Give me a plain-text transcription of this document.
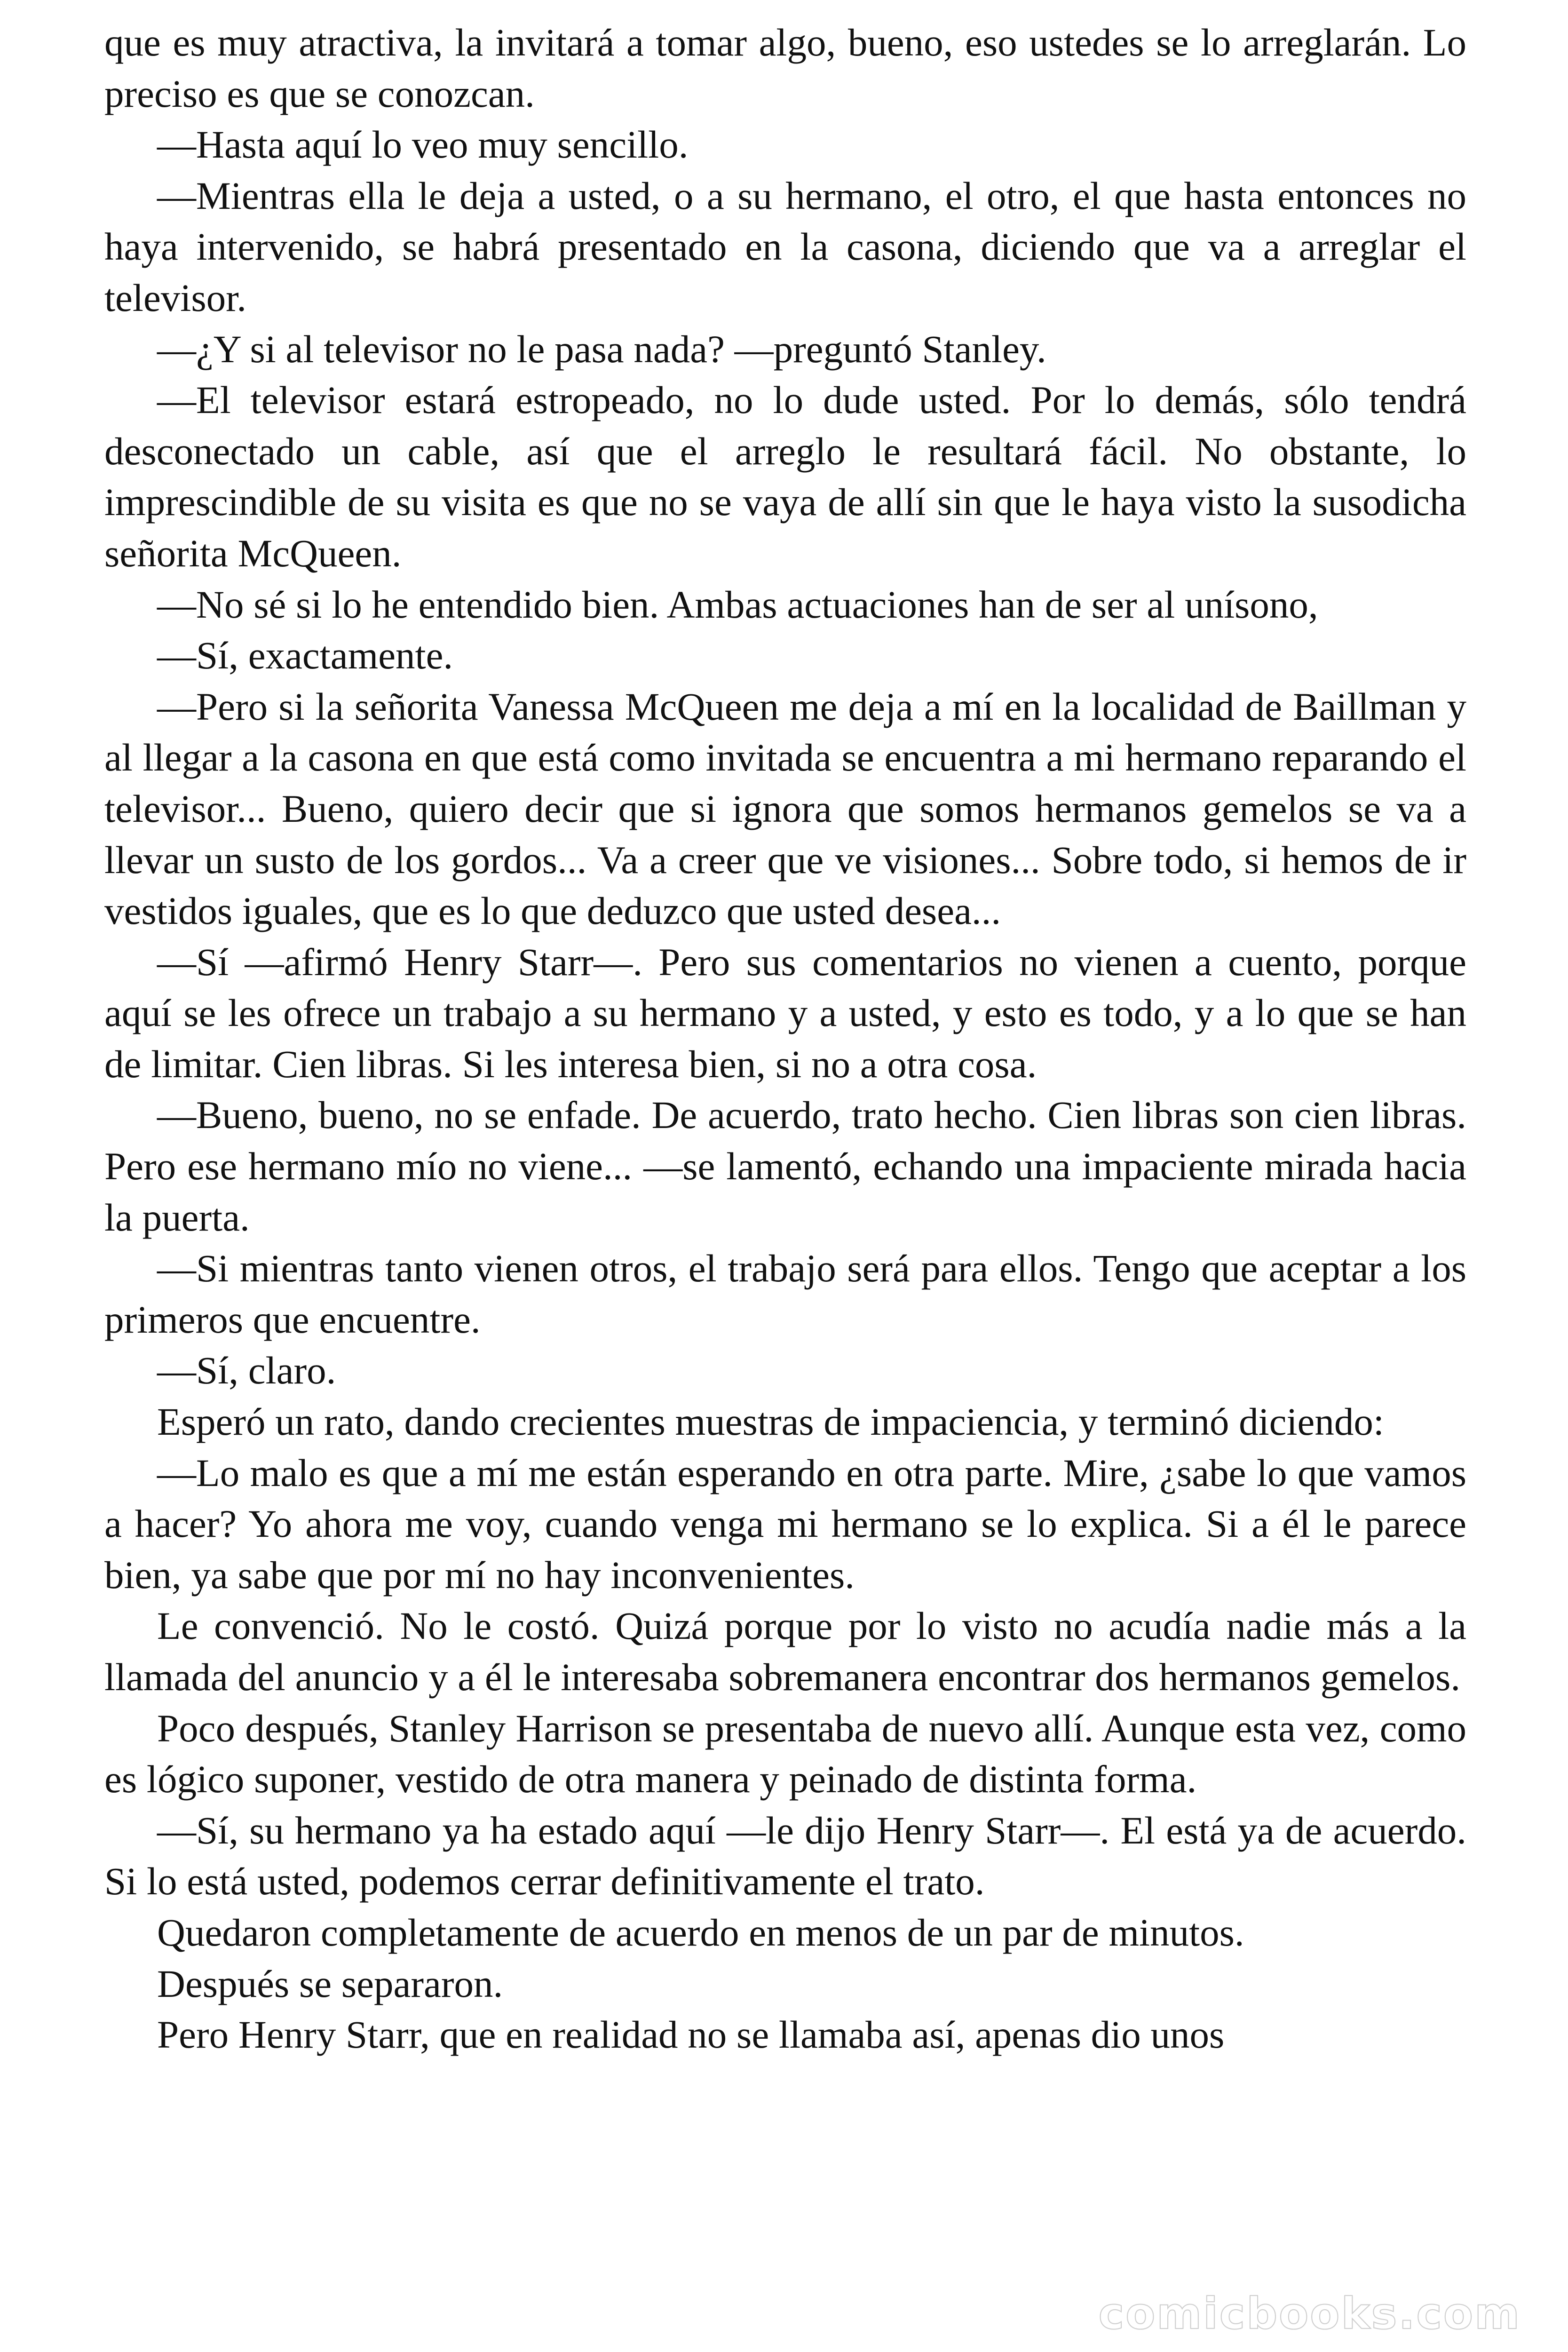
que es muy atractiva, la invitará a tomar algo, bueno, eso ustedes se lo arreglarán. Lo preciso es que se conozcan.

—Hasta aquí lo veo muy sencillo.

—Mientras ella le deja a usted, o a su hermano, el otro, el que hasta entonces no haya intervenido, se habrá presentado en la casona, diciendo que va a arreglar el televisor.

—¿Y si al televisor no le pasa nada? —preguntó Stanley.

—El televisor estará estropeado, no lo dude usted. Por lo demás, sólo tendrá desconectado un cable, así que el arreglo le resultará fácil. No obstante, lo imprescindible de su visita es que no se vaya de allí sin que le haya visto la susodicha señorita McQueen.

—No sé si lo he entendido bien. Ambas actuaciones han de ser al unísono,

—Sí, exactamente.

—Pero si la señorita Vanessa McQueen me deja a mí en la localidad de Baillman y al llegar a la casona en que está como invitada se encuentra a mi hermano reparando el televisor... Bueno, quiero decir que si ignora que somos hermanos gemelos se va a llevar un susto de los gordos... Va a creer que ve visiones... Sobre todo, si hemos de ir vestidos iguales, que es lo que deduzco que usted desea...

—Sí —afirmó Henry Starr—. Pero sus comentarios no vienen a cuento, porque aquí se les ofrece un trabajo a su hermano y a usted, y esto es todo, y a lo que se han de limitar. Cien libras. Si les interesa bien, si no a otra cosa.

—Bueno, bueno, no se enfade. De acuerdo, trato hecho. Cien libras son cien libras. Pero ese hermano mío no viene... —se lamentó, echando una impaciente mirada hacia la puerta.

—Si mientras tanto vienen otros, el trabajo será para ellos. Tengo que aceptar a los primeros que encuentre.

—Sí, claro.

Esperó un rato, dando crecientes muestras de impaciencia, y terminó diciendo:

—Lo malo es que a mí me están esperando en otra parte. Mire, ¿sabe lo que vamos a hacer? Yo ahora me voy, cuando venga mi hermano se lo explica. Si a él le parece bien, ya sabe que por mí no hay inconvenientes.

Le convenció. No le costó. Quizá porque por lo visto no acudía nadie más a la llamada del anuncio y a él le interesaba sobremanera encontrar dos hermanos gemelos.

Poco después, Stanley Harrison se presentaba de nuevo allí. Aunque esta vez, como es lógico suponer, vestido de otra manera y peinado de distinta forma.

—Sí, su hermano ya ha estado aquí —le dijo Henry Starr—. El está ya de acuerdo. Si lo está usted, podemos cerrar definitivamente el trato.

Quedaron completamente de acuerdo en menos de un par de minutos.

Después se separaron.

Pero Henry Starr, que en realidad no se llamaba así, apenas dio unos

comicbooks.com
